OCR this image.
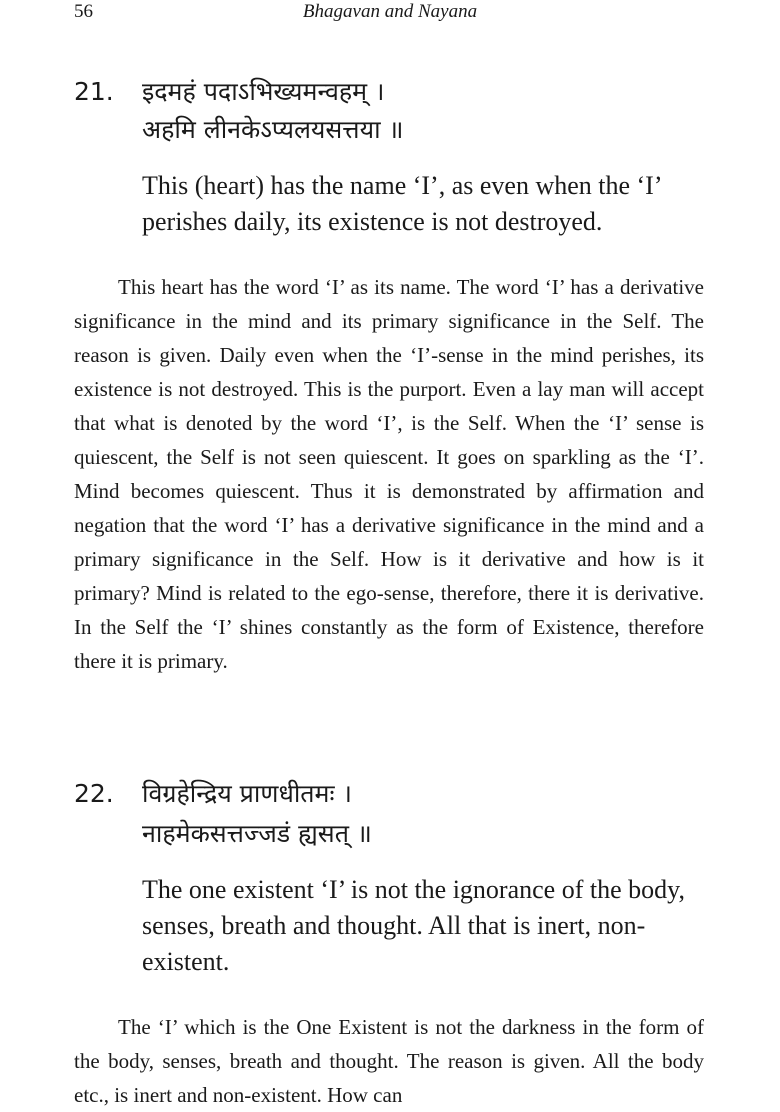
56	Bhagavan and Nayana
21. इदमहं पदाऽभिख्यमन्वहम् ।
अहमि लीनकेऽप्यलयसत्तया ॥

This (heart) has the name ‘I’, as even when the ‘I’ perishes daily, its existence is not destroyed.

This heart has the word ‘I’ as its name. The word ‘I’ has a derivative significance in the mind and its primary significance in the Self. The reason is given. Daily even when the ‘I’-sense in the mind perishes, its existence is not destroyed. This is the purport. Even a lay man will accept that what is denoted by the word ‘I’, is the Self. When the ‘I’ sense is quiescent, the Self is not seen quiescent. It goes on sparkling as the ‘I’. Mind becomes quiescent. Thus it is demonstrated by affirmation and negation that the word ‘I’ has a derivative significance in the mind and a primary significance in the Self. How is it derivative and how is it primary? Mind is related to the ego-sense, therefore, there it is derivative. In the Self the ‘I’ shines constantly as the form of Existence, therefore there it is primary.

22. विग्रहेन्द्रिय प्राणधीतमः ।
नाहमेकसत्तज्जडं ह्यसत् ॥

The one existent ‘I’ is not the ignorance of the body, senses, breath and thought. All that is inert, non-existent.

The ‘I’ which is the One Existent is not the darkness in the form of the body, senses, breath and thought. The reason is given. All the body etc., is inert and non-existent. How can
